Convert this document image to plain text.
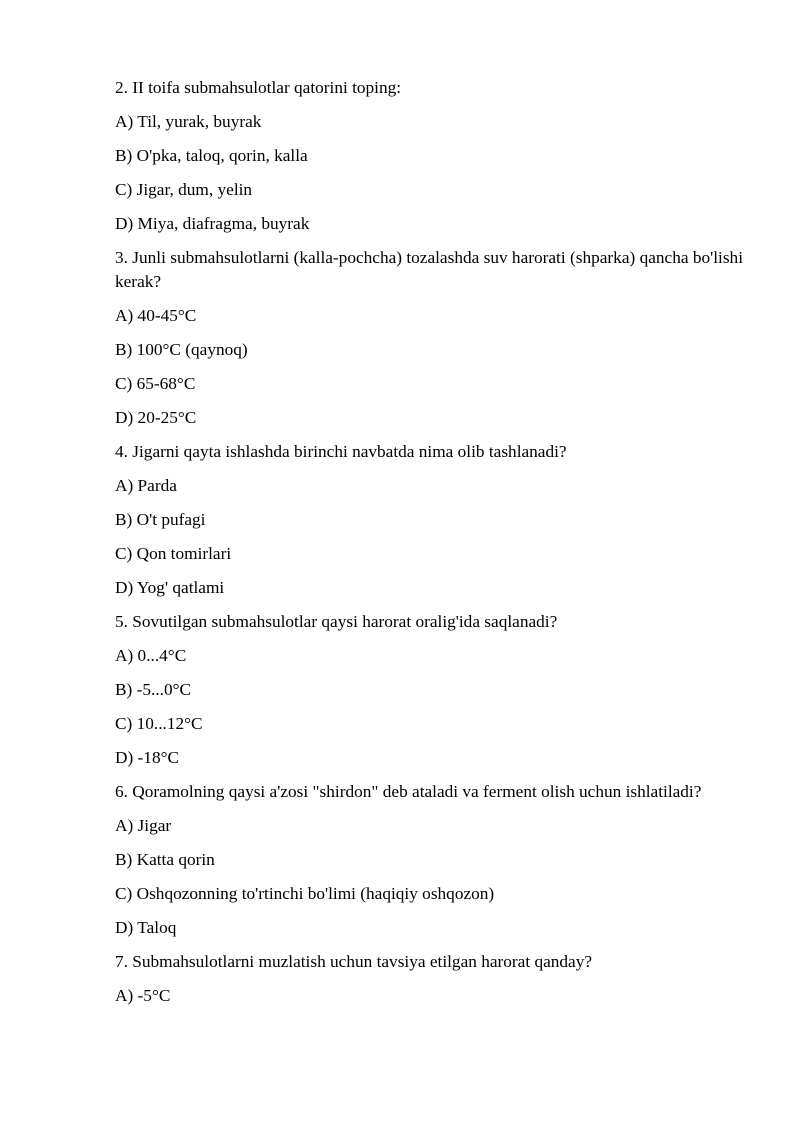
2. II toifa submahsulotlar qatorini toping:

A) Til, yurak, buyrak

B) O'pka, taloq, qorin, kalla

C) Jigar, dum, yelin

D) Miya, diafragma, buyrak

3. Junli submahsulotlarni (kalla-pochcha) tozalashda suv harorati (shparka) qancha bo'lishi kerak?

A) 40-45°C

B) 100°C (qaynoq)

C) 65-68°C

D) 20-25°C

4. Jigarni qayta ishlashda birinchi navbatda nima olib tashlanadi?

A) Parda

B) O't pufagi

C) Qon tomirlari

D) Yog' qatlami

5. Sovutilgan submahsulotlar qaysi harorat oralig'ida saqlanadi?

A) 0...4°C

B) -5...0°C

C) 10...12°C

D) -18°C

6. Qoramolning qaysi a'zosi "shirdon" deb ataladi va ferment olish uchun ishlatiladi?

A) Jigar

B) Katta qorin

C) Oshqozonning to'rtinchi bo'limi (haqiqiy oshqozon)

D) Taloq

7. Submahsulotlarni muzlatish uchun tavsiya etilgan harorat qanday?

A) -5°C
